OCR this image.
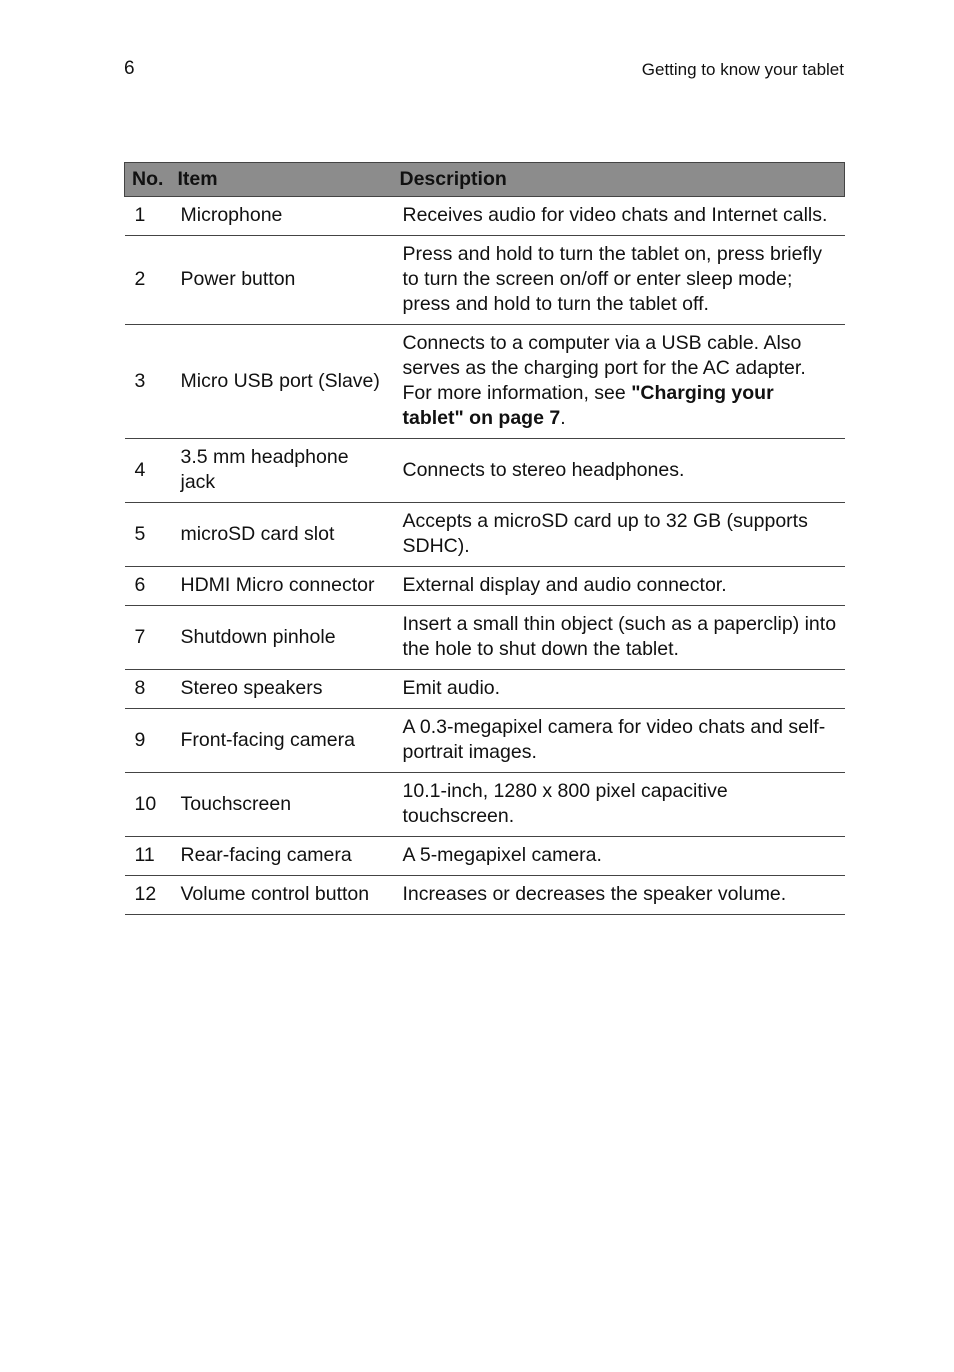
6	Getting to know your tablet
No.	Item	Description
1	Microphone	Receives audio for video chats and Internet calls.
2	Power button	Press and hold to turn the tablet on, press briefly to turn the screen on/off or enter sleep mode; press and hold to turn the tablet off.
3	Micro USB port (Slave)	Connects to a computer via a USB cable. Also serves as the charging port for the AC adapter. For more information, see "Charging your tablet" on page 7.
4	3.5 mm headphone jack	Connects to stereo headphones.
5	microSD card slot	Accepts a microSD card up to 32 GB (supports SDHC).
6	HDMI Micro connector	External display and audio connector.
7	Shutdown pinhole	Insert a small thin object (such as a paperclip) into the hole to shut down the tablet.
8	Stereo speakers	Emit audio.
9	Front-facing camera	A 0.3-megapixel camera for video chats and self-portrait images.
10	Touchscreen	10.1-inch, 1280 x 800 pixel capacitive touchscreen.
11	Rear-facing camera	A 5-megapixel camera.
12	Volume control button	Increases or decreases the speaker volume.
